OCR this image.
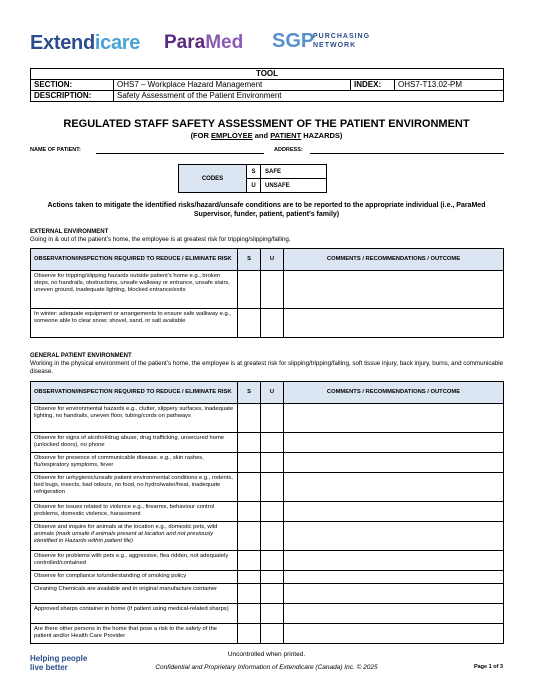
Extendicare ParaMed SGP
PURCHASING
NETWORK
TOOL			
SECTION:	OHS7 – Workplace Hazard Management	INDEX:	OHS7-T13.02-PM
DESCRIPTION:	Safety Assessment of the Patient Environment		
REGULATED STAFF SAFETY ASSESSMENT OF THE PATIENT ENVIRONMENT
(FOR EMPLOYEE and PATIENT HAZARDS)
NAME OF PATIENT:	ADDRESS:
CODES	S	SAFE
	U	UNSAFE
Actions taken to mitigate the identified risks/hazard/unsafe conditions are to be reported to the appropriate individual (i.e., ParaMed Supervisor, funder, patient, patient’s family)
EXTERNAL ENVIRONMENT
Going in & out of the patient’s home, the employee is at greatest risk for tripping/slipping/falling.
OBSERVATION/INSPECTION REQUIRED TO REDUCE / ELIMINATE RISK	S	U	COMMENTS / RECOMMENDATIONS / OUTCOME
Observe for tripping/slipping hazards outside patient’s home e.g., broken steps, no handrails, obstructions, unsafe walkway or entrance, unsafe stairs, uneven ground, inadequate lighting, blocked entrance/exits			
In winter: adequate equipment or arrangements to ensure safe walkway e.g., someone able to clear snow; shovel, sand, or salt available			
GENERAL PATIENT ENVIRONMENT
Working in the physical environment of the patient’s home, the employee is at greatest risk for slipping/tripping/falling, soft tissue injury, back injury, burns, and communicable disease.
OBSERVATION/INSPECTION REQUIRED TO REDUCE / ELIMINATE RISK	S	U	COMMENTS / RECOMMENDATIONS / OUTCOME
Observe for environmental hazards e.g., clutter, slippery surfaces, inadequate lighting, no handrails, uneven floor, tubing/cords on pathways			
Observe for signs of alcohol/drug abuse, drug trafficking, unsecured home (unlocked doors), no phone			
Observe for presence of communicable disease. e.g., skin rashes, flu/respiratory symptoms, fever			
Observe for unhygienic/unsafe patient environmental conditions e.g., rodents, bed bugs, insects, bad odours, no food, no hydro/water/heat, inadequate refrigeration			
Observe for issues related to violence e.g., firearms, behaviour control problems, domestic violence, harassment			
Observe and inquire for animals at the location e.g., domestic pets, wild animals (mark unsafe if animals present at location and not previously identified in Hazards within patient file)			
Observe for problems with pets e.g., aggressive, flea ridden, not adequately controlled/contained			
Observe for compliance to/understanding of smoking policy			
Cleaning Chemicals are available and in original manufacture container			
Approved sharps container in home (if patient using medical-related sharps)			
Are there other persons in the home that pose a risk to the safety of the patient and/or Health Care Provider			
Uncontrolled when printed.
Helping people
live better	Confidential and Proprietary Information of Extendicare (Canada) Inc. © 2025	Page 1 of 3
